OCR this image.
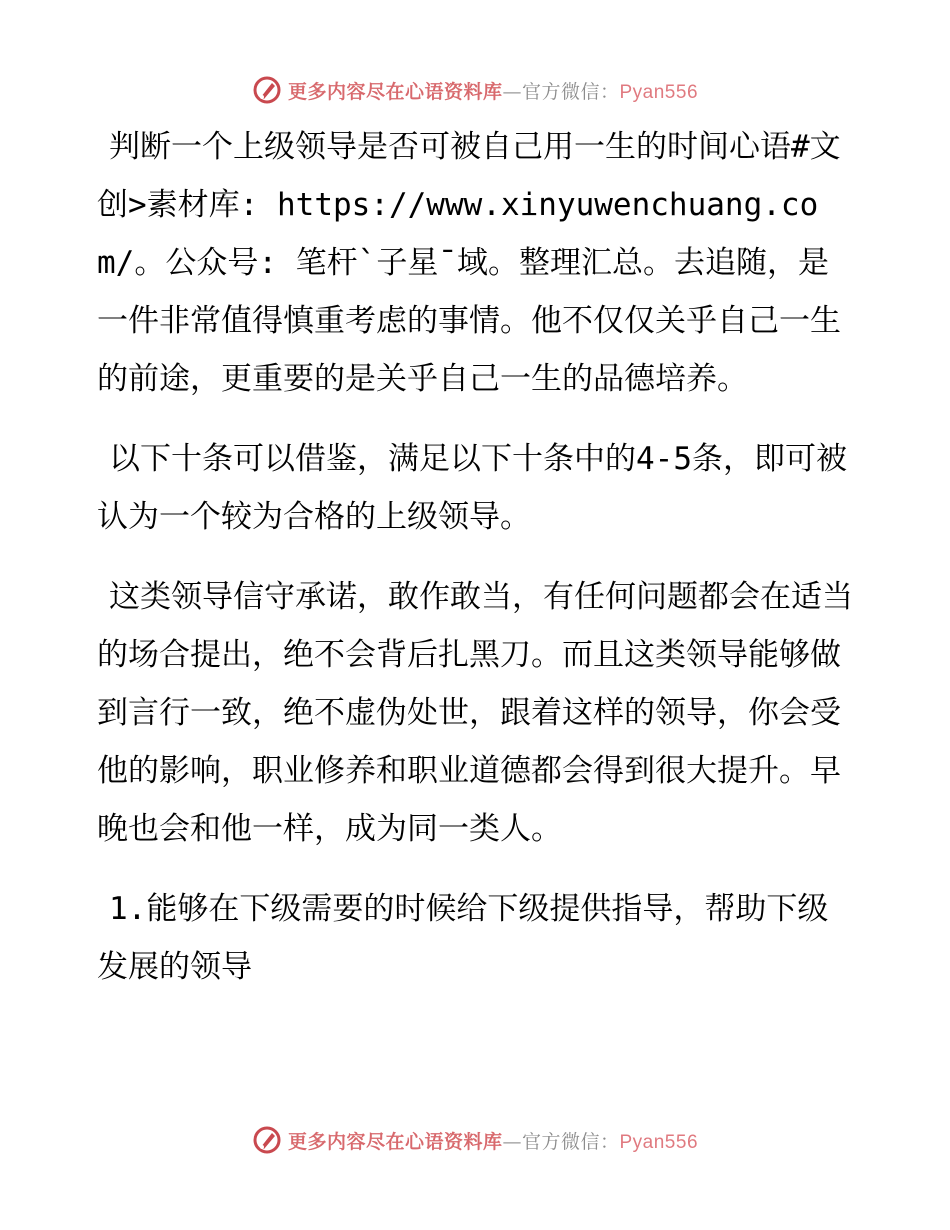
更多内容尽在心语资料库—官方微信：Pyan556

判断一个上级领导是否可被自己用一生的时间心语#文创>素材库: https://www.xinyuwenchuang.com/。公众号: 笔杆`子星¯域。整理汇总。去追随，是一件非常值得慎重考虑的事情。他不仅仅关乎自己一生的前途，更重要的是关乎自己一生的品德培养。

以下十条可以借鉴，满足以下十条中的4-5条，即可被认为一个较为合格的上级领导。

这类领导信守承诺，敢作敢当，有任何问题都会在适当的场合提出，绝不会背后扎黑刀。而且这类领导能够做到言行一致，绝不虚伪处世，跟着这样的领导，你会受他的影响，职业修养和职业道德都会得到很大提升。早晚也会和他一样，成为同一类人。

1.能够在下级需要的时候给下级提供指导，帮助下级发展的领导

更多内容尽在心语资料库—官方微信：Pyan556
